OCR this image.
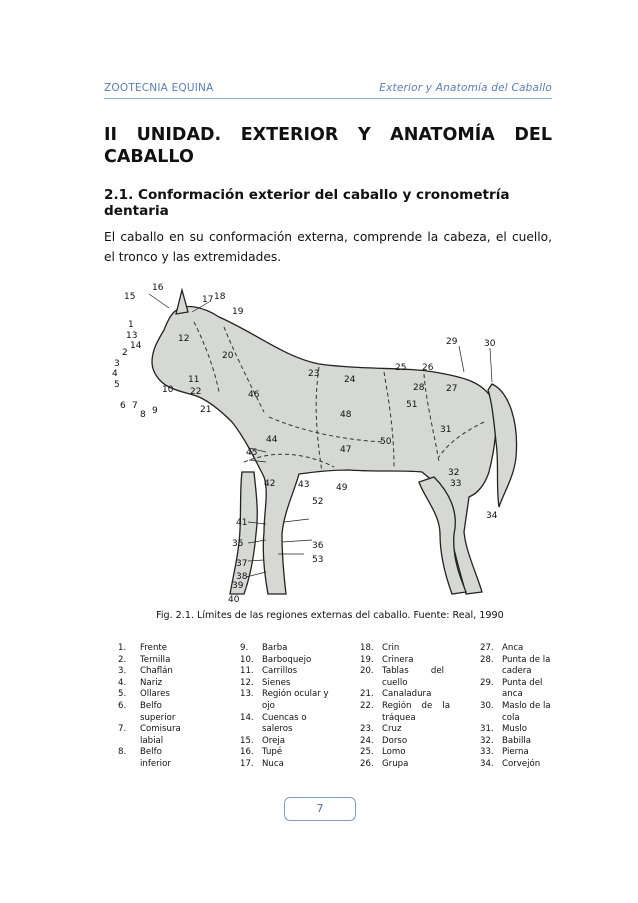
ZOOTECNIA EQUINA	Exterior y Anatomía del Caballo
II UNIDAD. EXTERIOR Y ANATOMÍA DEL
CABALLO
2.1. Conformación exterior del caballo y cronometría dentaria
El caballo en su conformación externa, comprende la cabeza, el cuello, el tronco y las extremidades.
1
2
3
4
5
6 7
8 9
10
11
12
13
14
15
16
17 18
19
20
21
22
23
24
25 26
27
28
29	30
31
32
33
34
35	36
37
38
39
40
41
42	43
44
45
46
47
48
49
50
51
52
53
Fig. 2.1. Límites de las regiones externas del caballo. Fuente: Real, 1990
1.	Frente
2.	Ternilla
3.	Chaflán
4.	Nariz
5.	Ollares
6.	Belfo superior
7.	Comisura labial
8.	Belfo inferior
9.	Barba
10. Barboquejo
11. Carrillos
12. Sienes
13. Región ocular y ojo
14. Cuencas o saleros
15. Oreja
16. Tupé
17. Nuca
18. Crin
19. Crinera
20. Tablas del cuello
21. Canaladura
22. Región de la tráquea
23. Cruz
24. Dorso
25. Lomo
26. Grupa
27. Anca
28. Punta de la cadera
29. Punta del anca
30. Maslo de la cola
31. Muslo
32. Babilla
33. Pierna
34. Corvejón
7
